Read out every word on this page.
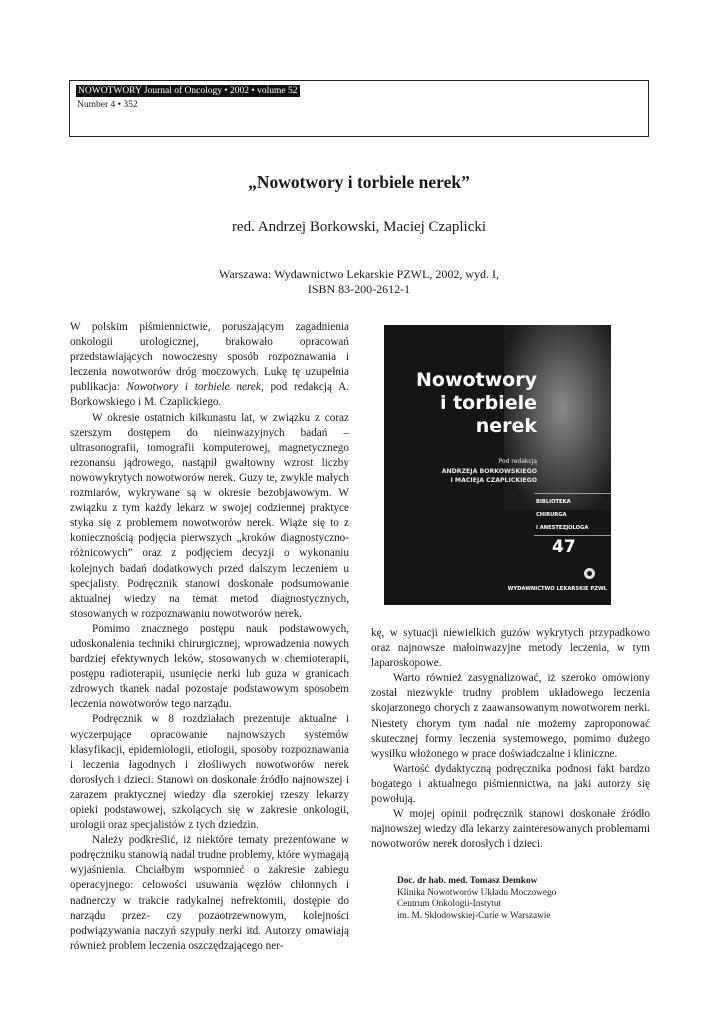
NOWOTWORY Journal of Oncology • 2002 • volume 52
Number 4 • 352
„Nowotwory i torbiele nerek”
red. Andrzej Borkowski, Maciej Czaplicki
Warszawa: Wydawnictwo Lekarskie PZWL, 2002, wyd. I,
ISBN 83-200-2612-1

W polskim piśmiennictwie, poruszającym zagadnienia onkologii urologicznej, brakowało opracowań przedstawiających nowoczesny sposób rozpoznawania i leczenia nowotworów dróg moczowych. Lukę tę uzupełnia publikacja: Nowotwory i torbiele nerek, pod redakcją A. Borkowskiego i M. Czaplickiego.

W okresie ostatnich kilkunastu lat, w związku z coraz szerszym dostępem do nieinwazyjnych badań – ultrasonografii, tomografii komputerowej, magnetycznego rezonansu jądrowego, nastąpił gwałtowny wzrost liczby nowowykrytych nowotworów nerek. Guzy te, zwykle małych rozmiarów, wykrywane są w okresie bezobjawowym. W związku z tym każdy lekarz w swojej codziennej praktyce styka się z problemem nowotworów nerek. Wiąże się to z koniecznością podjęcia pierwszych „kroków diagnostyczno-różnicowych” oraz z podjęciem decyzji o wykonaniu kolejnych badań dodatkowych przed dalszym leczeniem u specjalisty. Podręcznik stanowi doskonałe podsumowanie aktualnej wiedzy na temat metod diagnostycznych, stosowanych w rozpoznawaniu nowotworów nerek.

Pomimo znacznego postępu nauk podstawowych, udoskonalenia techniki chirurgicznej, wprowadzenia nowych bardziej efektywnych leków, stosowanych w chemioterapii, postępu radioterapii, usunięcie nerki lub guza w granicach zdrowych tkanek nadal pozostaje podstawowym sposobem leczenia nowotworów tego narządu.

Podręcznik w 8 rozdziałach prezentuje aktualne i wyczerpujące opracowanie najnowszych systemów klasyfikacji, epidemiologii, etiologii, sposoby rozpoznawania i leczenia łagodnych i złośliwych nowotworów nerek dorosłych i dzieci. Stanowi on doskonałe źródło najnowszej i zarazem praktycznej wiedzy dla szerokiej rzeszy lekarzy opieki podstawowej, szkolących się w zakresie onkologii, urologii oraz specjalistów z tych dziedzin.

Należy podkreślić, iż niektóre tematy prezentowane w podręczniku stanowią nadal trudne problemy, które wymagają wyjaśnienia. Chciałbym wspomnieć o zakresie zabiegu operacyjnego: celowości usuwania węzłów chłonnych i nadnerczy w trakcie radykalnej nefrektomii, dostępie do narządu przez- czy pozaotrzewnowym, kolejności podwiązywania naczyń szypuły nerki itd. Autorzy omawiają również problem leczenia oszczędzającego ner-

Nowotwory
i torbiele
nerek
Pod redakcją
ANDRZEJA BORKOWSKIEGO
I MACIEJA CZAPLICKIEGO
BIBLIOTEKA
CHIRURGA
I ANESTEZJOLOGA
47
WYDAWNICTWO LEKARSKIE PZWL

kę, w sytuacji niewielkich guzów wykrytych przypadkowo oraz najnowsze małoinwazyjne metody leczenia, w tym laparoskopowe.

Warto również zasygnalizować, iż szeroko omówiony został niezwykle trudny problem układowego leczenia skojarzonego chorych z zaawansowanym nowotworem nerki. Niestety chorym tym nadal nie możemy zaproponować skutecznej formy leczenia systemowego, pomimo dużego wysiłku włożonego w prace doświadczalne i kliniczne.

Wartość dydaktyczną podręcznika podnosi fakt bardzo bogatego i aktualnego piśmiennictwa, na jaki autorzy się powołują.

W mojej opinii podręcznik stanowi doskonałe źródło najnowszej wiedzy dla lekarzy zainteresowanych problemami nowotworów nerek dorosłych i dzieci.

Doc. dr hab. med. Tomasz Demkow
Klinika Nowotworów Układu Moczowego
Centrum Onkologii-Instytut
im. M. Skłodowskiej-Curie w Warszawie
